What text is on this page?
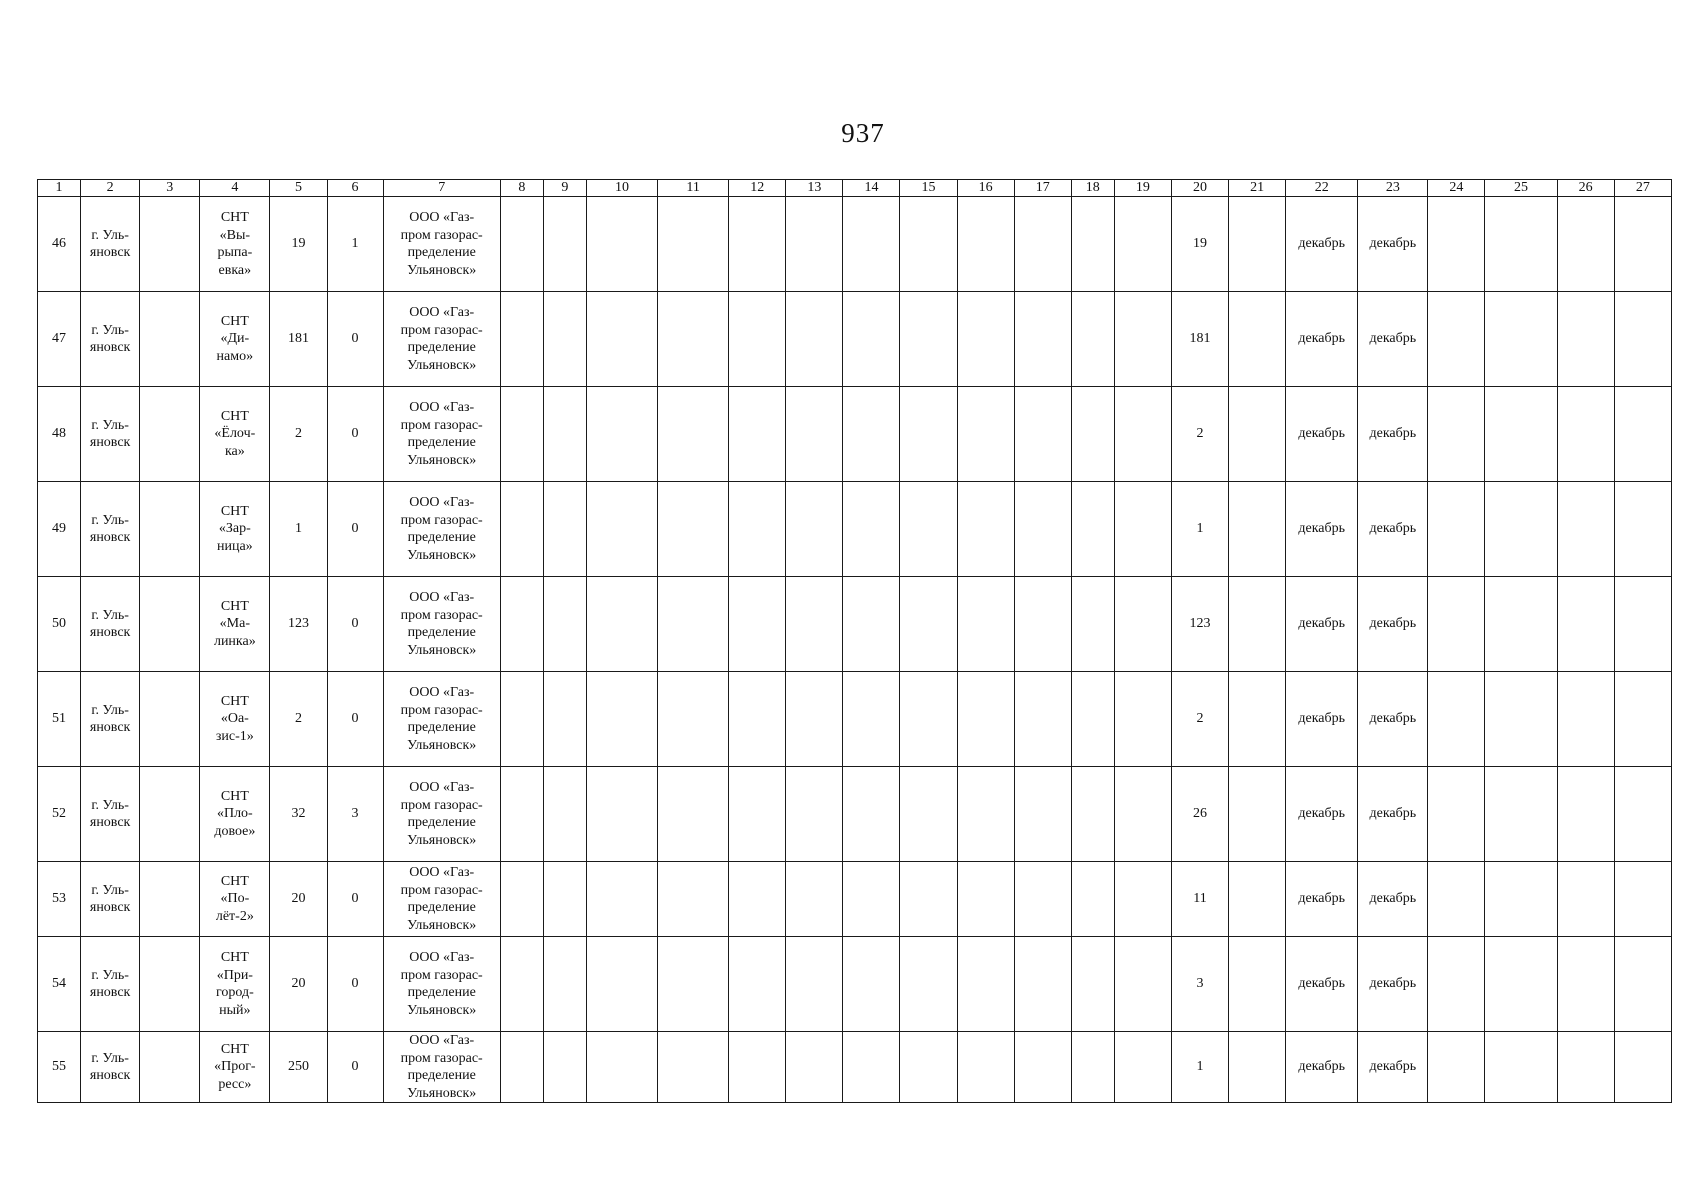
937
1	2	3	4	5	6	7	8	9	10	11	12	13	14	15	16	17	18	19	20	21	22	23	24	25	26	27
46	г. Уль-
яновск		СНТ
«Вы-
рыпа-
евка»	19	1	ООО «Газ-
пром газорас-
пределение
Ульяновск»													19		декабрь	декабрь				
47	г. Уль-
яновск		СНТ
«Ди-
намо»	181	0	ООО «Газ-
пром газорас-
пределение
Ульяновск»													181		декабрь	декабрь				
48	г. Уль-
яновск		СНТ
«Ёлоч-
ка»	2	0	ООО «Газ-
пром газорас-
пределение
Ульяновск»													2		декабрь	декабрь				
49	г. Уль-
яновск		СНТ
«Зар-
ница»	1	0	ООО «Газ-
пром газорас-
пределение
Ульяновск»													1		декабрь	декабрь				
50	г. Уль-
яновск		СНТ
«Ма-
линка»	123	0	ООО «Газ-
пром газорас-
пределение
Ульяновск»													123		декабрь	декабрь				
51	г. Уль-
яновск		СНТ
«Оа-
зис-1»	2	0	ООО «Газ-
пром газорас-
пределение
Ульяновск»													2		декабрь	декабрь				
52	г. Уль-
яновск		СНТ
«Пло-
довое»	32	3	ООО «Газ-
пром газорас-
пределение
Ульяновск»													26		декабрь	декабрь				
53	г. Уль-
яновск		СНТ
«По-
лёт-2»	20	0	ООО «Газ-
пром газорас-
пределение
Ульяновск»													11		декабрь	декабрь				
54	г. Уль-
яновск		СНТ
«При-
город-
ный»	20	0	ООО «Газ-
пром газорас-
пределение
Ульяновск»													3		декабрь	декабрь				
55	г. Уль-
яновск		СНТ
«Прог-
ресс»	250	0	ООО «Газ-
пром газорас-
пределение
Ульяновск»													1		декабрь	декабрь				
